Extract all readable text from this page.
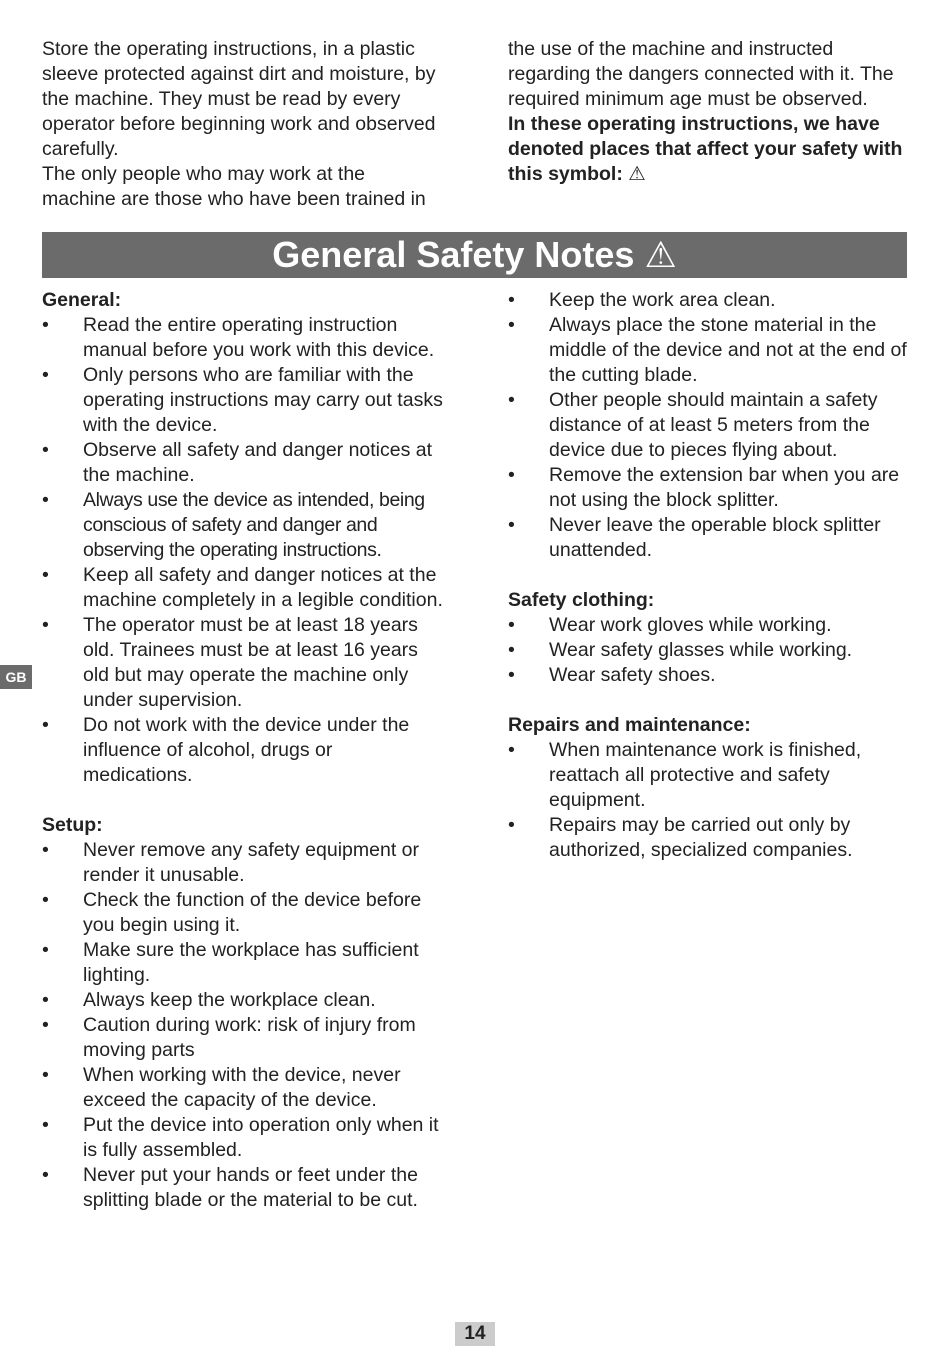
Store the operating instructions, in a plastic sleeve protected against dirt and moisture, by the machine. They must be read by every operator before beginning work and observed carefully.

The only people who may work at the machine are those who have been trained in

the use of the machine and instructed regarding the dangers connected with it. The required minimum age must be observed.

In these operating instructions, we have denoted places that affect your safety with this symbol: ⚠

General Safety Notes ⚠

General:

• Read the entire operating instruction manual before you work with this device.
• Only persons who are familiar with the operating instructions may carry out tasks with the device.
• Observe all safety and danger notices at the machine.
• Always use the device as intended, being conscious of safety and danger and observing the operating instructions.
• Keep all safety and danger notices at the machine completely in a legible condition.
• The operator must be at least 18 years old. Trainees must be at least 16 years old but may operate the machine only under supervision.
• Do not work with the device under the influence of alcohol, drugs or medications.

Setup:

• Never remove any safety equipment or render it unusable.
• Check the function of the device before you begin using it.
• Make sure the workplace has sufficient lighting.
• Always keep the workplace clean.
• Caution during work: risk of injury from moving parts
• When working with the device, never exceed the capacity of the device.
• Put the device into operation only when it is fully assembled.
• Never put your hands or feet under the splitting blade or the material to be cut.
• Keep the work area clean.
• Always place the stone material in the middle of the device and not at the end of the cutting blade.
• Other people should maintain a safety distance of at least 5 meters from the device due to pieces flying about.
• Remove the extension bar when you are not using the block splitter.
• Never leave the operable block splitter unattended.

Safety clothing:

• Wear work gloves while working.
• Wear safety glasses while working.
• Wear safety shoes.

Repairs and maintenance:

• When maintenance work is finished, reattach all protective and safety equipment.
• Repairs may be carried out only by authorized, specialized companies.
GB
14
